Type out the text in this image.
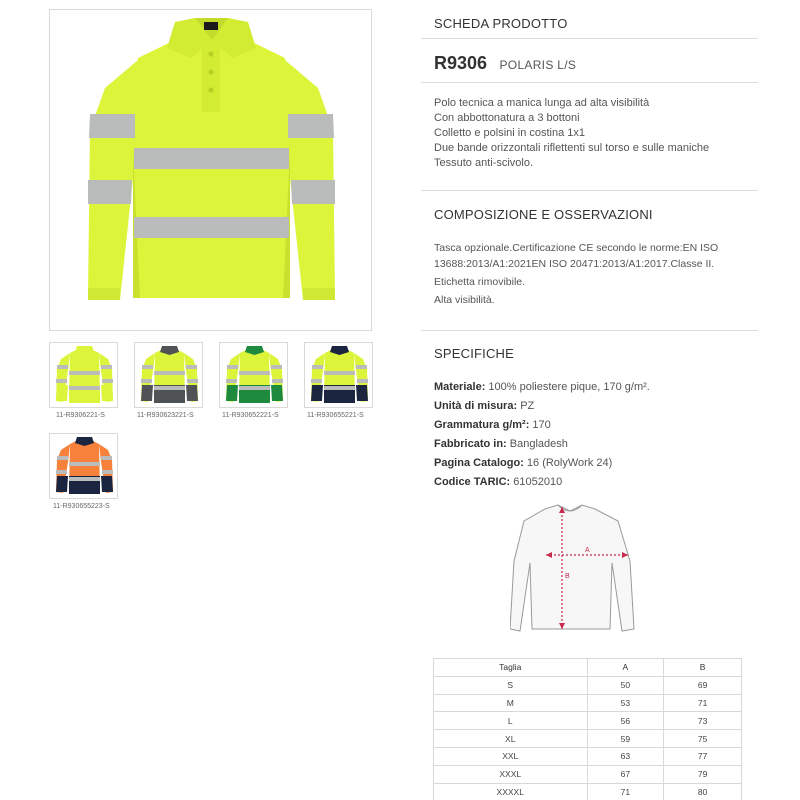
11-R9306221-S	11-R930623221-S	11-R930652221-S	11-R930655221-S
11-R930655223-S
SCHEDA PRODOTTO
R9306 POLARIS L/S
Polo tecnica a manica lunga ad alta visibilità
Con abbottonatura a 3 bottoni
Colletto e polsini in costina 1x1
Due bande orizzontali riflettenti sul torso e sulle maniche
Tessuto anti-scivolo.
COMPOSIZIONE E OSSERVAZIONI
Tasca opzionale.Certificazione CE secondo le norme:EN ISO 13688:2013/A1:2021EN ISO 20471:2013/A1:2017.Classe II.
Etichetta rimovibile.
Alta visibilità.
SPECIFICHE
Materiale: 100% poliestere pique, 170 g/m².
Unità di misura: PZ
Grammatura g/m²: 170
Fabbricato in: Bangladesh
Pagina Catalogo: 16 (RolyWork 24)
Codice TARIC: 61052010
A
B
Taglia	A	B
S	50	69
M	53	71
L	56	73
XL	59	75
XXL	63	77
XXXL	67	79
XXXXL	71	80
